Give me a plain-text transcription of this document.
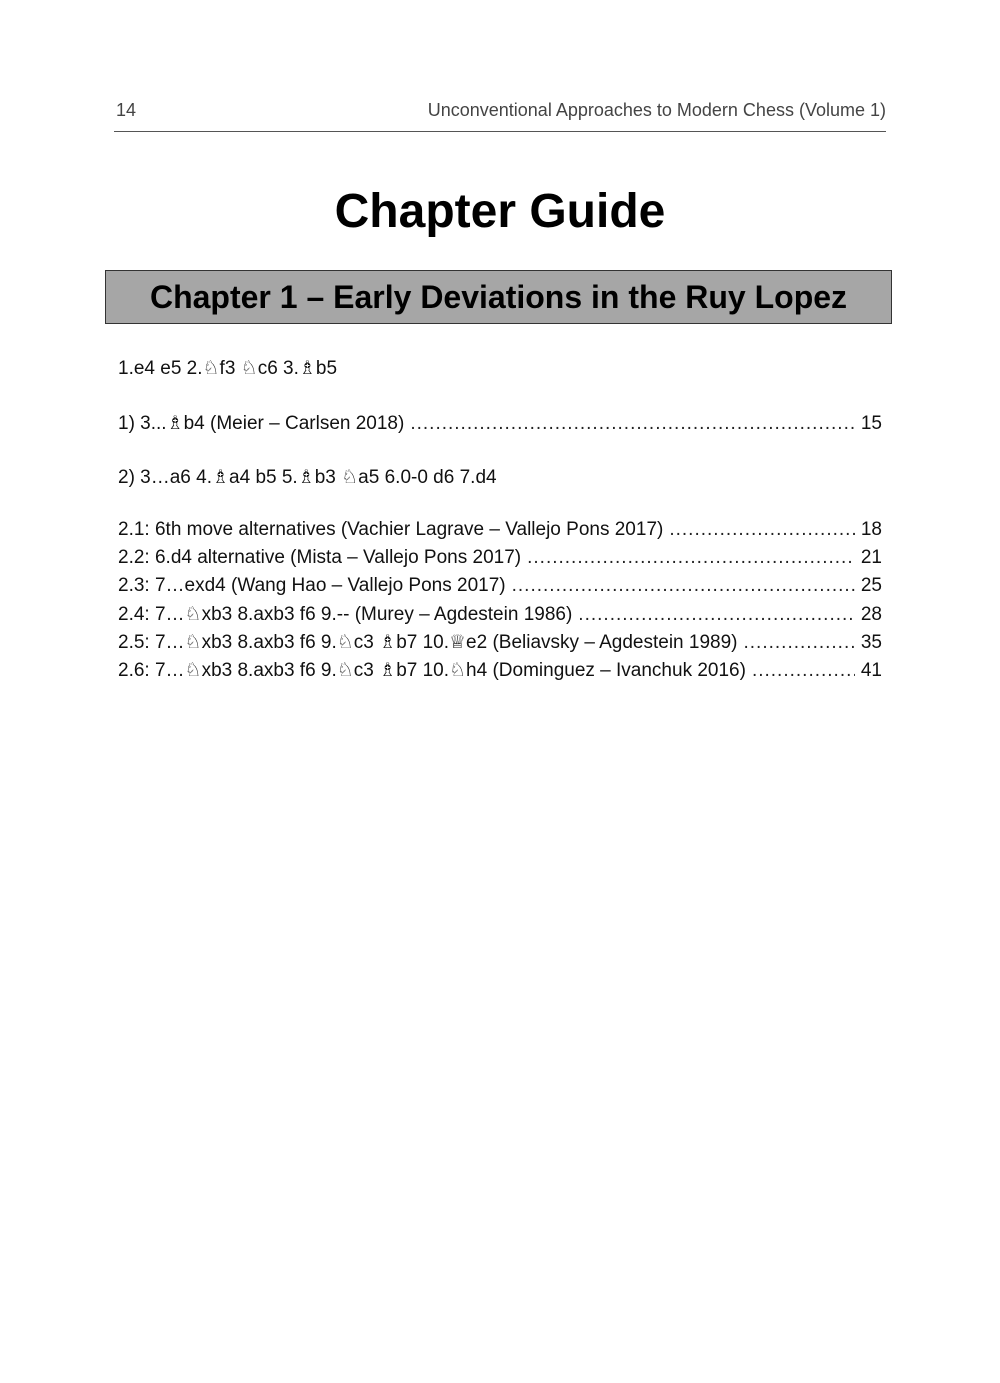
14	Unconventional Approaches to Modern Chess (Volume 1)
Chapter Guide
Chapter 1 – Early Deviations in the Ruy Lopez
1.e4 e5 2.♘f3 ♘c6 3.♗b5
1) 3...♗b4 (Meier – Carlsen 2018) .....	15
2) 3…a6 4.♗a4 b5 5.♗b3 ♘a5 6.0-0 d6 7.d4
2.1: 6th move alternatives (Vachier Lagrave – Vallejo Pons 2017) .....	18
2.2: 6.d4 alternative (Mista – Vallejo Pons 2017) .....	21
2.3: 7…exd4 (Wang Hao – Vallejo Pons 2017) .....	25
2.4: 7…♘xb3 8.axb3 f6 9.-- (Murey – Agdestein 1986) .....	28
2.5: 7…♘xb3 8.axb3 f6 9.♘c3 ♗b7 10.♕e2 (Beliavsky – Agdestein 1989) .....	35
2.6: 7…♘xb3 8.axb3 f6 9.♘c3 ♗b7 10.♘h4 (Dominguez – Ivanchuk 2016) .....	41
